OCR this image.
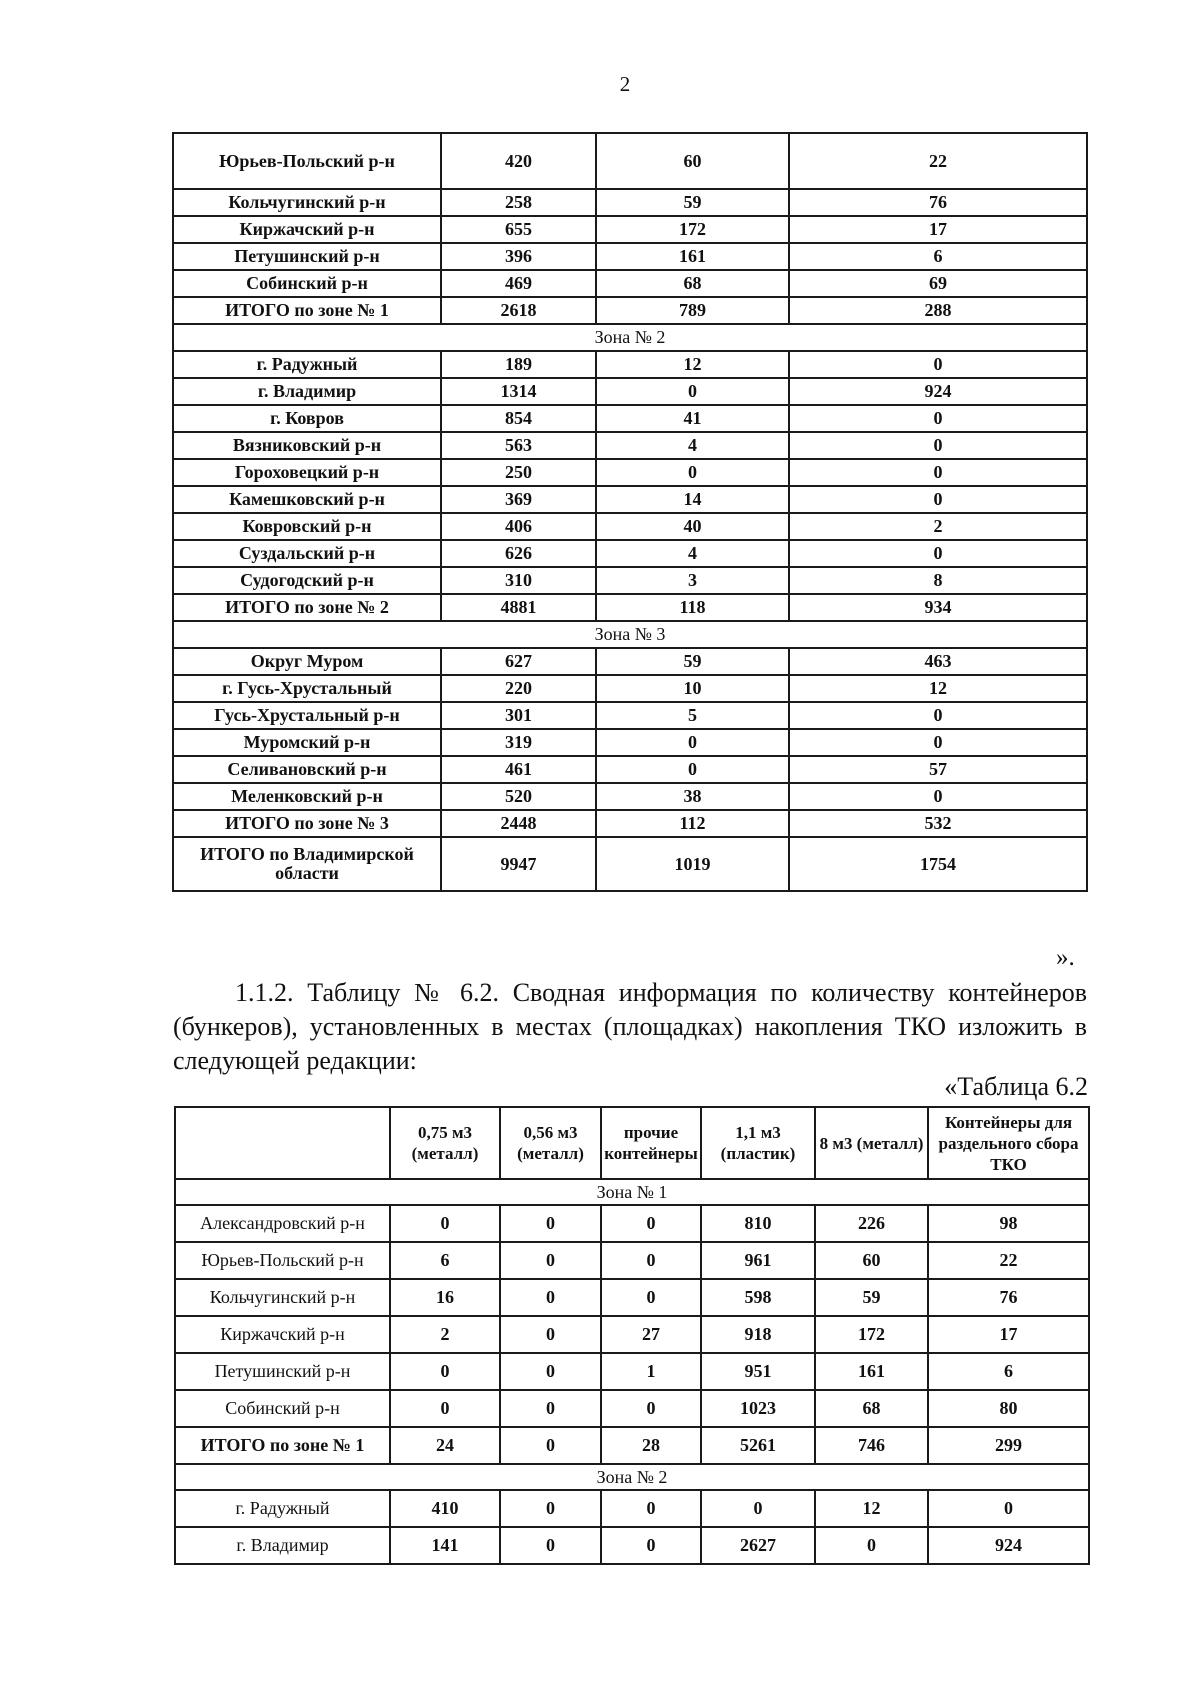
2
Юрьев-Польский р-н	420	60	22
Кольчугинский р-н	258	59	76
Киржачский р-н	655	172	17
Петушинский р-н	396	161	6
Собинский р-н	469	68	69
ИТОГО по зоне № 1	2618	789	288
Зона № 2			
г. Радужный	189	12	0
г. Владимир	1314	0	924
г. Ковров	854	41	0
Вязниковский р-н	563	4	0
Гороховецкий р-н	250	0	0
Камешковский р-н	369	14	0
Ковровский р-н	406	40	2
Суздальский р-н	626	4	0
Судогодский р-н	310	3	8
ИТОГО по зоне № 2	4881	118	934
Зона № 3			
Округ Муром	627	59	463
г. Гусь-Хрустальный	220	10	12
Гусь-Хрустальный р-н	301	5	0
Муромский р-н	319	0	0
Селивановский р-н	461	0	57
Меленковский р-н	520	38	0
ИТОГО по зоне № 3	2448	112	532
ИТОГО по Владимирской области	9947	1019	1754
».

1.1.2. Таблицу № 6.2. Сводная информация по количеству контейнеров (бункеров), установленных в местах (площадках) накопления ТКО изложить в следующей редакции:

«Таблица 6.2
	0,75 м3 (металл)	0,56 м3 (металл)	прочие контейнеры	1,1 м3 (пластик)	8 м3 (металл)	Контейнеры для раздельного сбора ТКО
Зона № 1						
Александровский р-н	0	0	0	810	226	98
Юрьев-Польский р-н	6	0	0	961	60	22
Кольчугинский р-н	16	0	0	598	59	76
Киржачский р-н	2	0	27	918	172	17
Петушинский р-н	0	0	1	951	161	6
Собинский р-н	0	0	0	1023	68	80
ИТОГО по зоне № 1	24	0	28	5261	746	299
Зона № 2						
г. Радужный	410	0	0	0	12	0
г. Владимир	141	0	0	2627	0	924
